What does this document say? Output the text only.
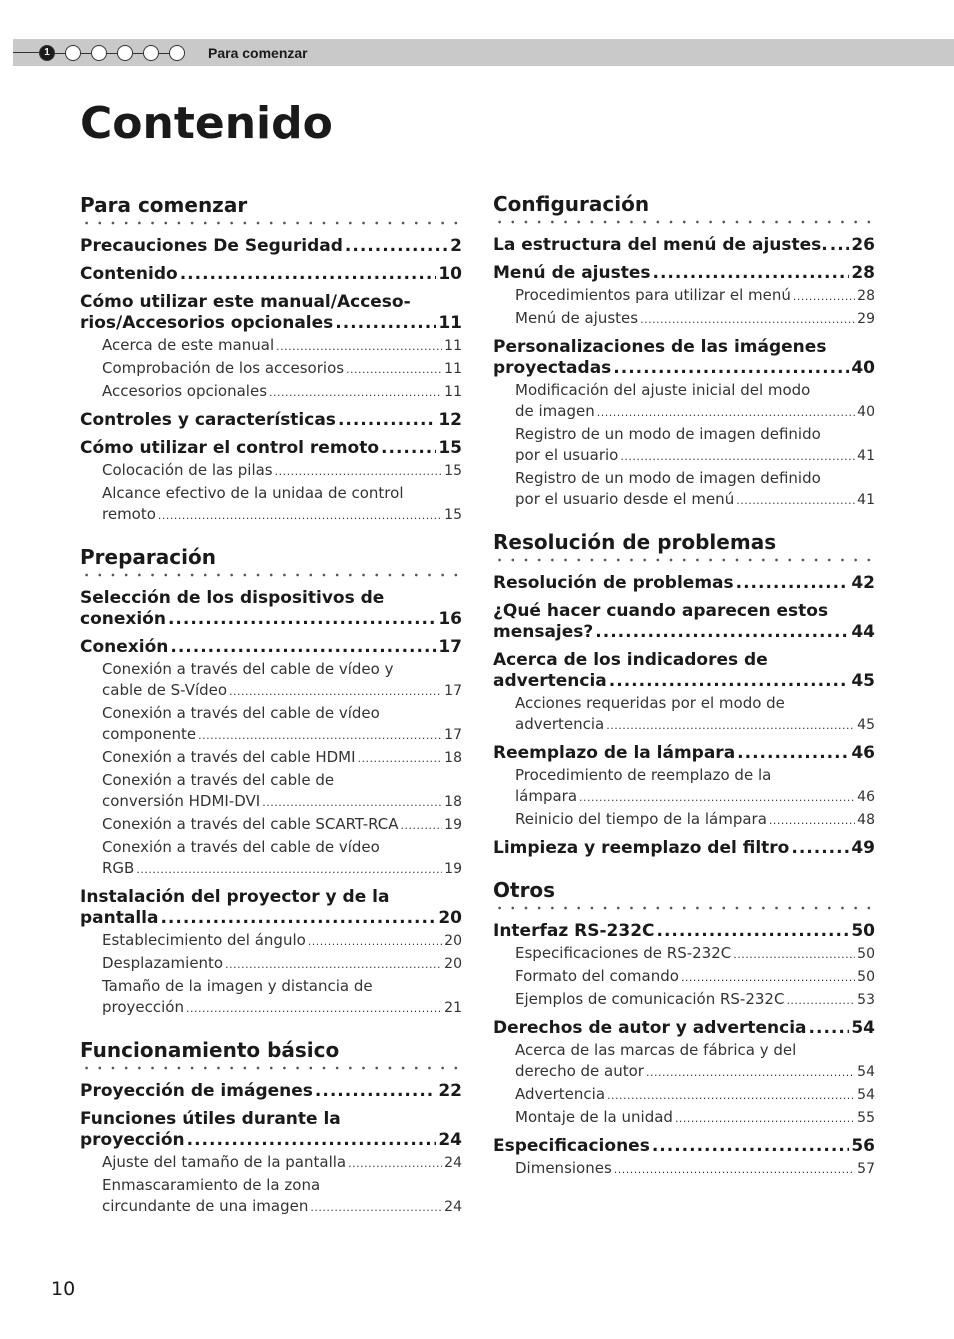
1	Para comenzar
Contenido
Para comenzar
Precauciones De Seguridad .....	2
Contenido .....	10
Cómo utilizar este manual/Acceso-
rios/Accesorios opcionales .....	11
Acerca de este manual .....	11
Comprobación de los accesorios .....	11
Accesorios opcionales .....	11
Controles y características .....	12
Cómo utilizar el control remoto .....	15
Colocación de las pilas .....	15
Alcance efectivo de la unidaa de control
remoto .....	15
Preparación
Selección de los dispositivos de
conexión .....	16
Conexión .....	17
Conexión a través del cable de vídeo y
cable de S-Vídeo .....	17
Conexión a través del cable de vídeo
componente .....	17
Conexión a través del cable HDMI .....	18
Conexión a través del cable de
conversión HDMI-DVI .....	18
Conexión a través del cable SCART-RCA .....	19
Conexión a través del cable de vídeo
RGB .....	19
Instalación del proyector y de la
pantalla .....	20
Establecimiento del ángulo .....	20
Desplazamiento .....	20
Tamaño de la imagen y distancia de
proyección .....	21
Funcionamiento básico
Proyección de imágenes .....	22
Funciones útiles durante la
proyección .....	24
Ajuste del tamaño de la pantalla .....	24
Enmascaramiento de la zona
circundante de una imagen .....	24
Configuración
La estructura del menú de ajustes. ..... 26
Menú de ajustes .....	28
Procedimientos para utilizar el menú .....	28
Menú de ajustes .....	29
Personalizaciones de las imágenes
proyectadas .....	40
Modificación del ajuste inicial del modo
de imagen .....	40
Registro de un modo de imagen definido
por el usuario .....	41
Registro de un modo de imagen definido
por el usuario desde el menú .....	41
Resolución de problemas
Resolución de problemas .....	42
¿Qué hacer cuando aparecen estos
mensajes? .....	44
Acerca de los indicadores de
advertencia .....	45
Acciones requeridas por el modo de
advertencia .....	45
Reemplazo de la lámpara .....	46
Procedimiento de reemplazo de la
lámpara .....	46
Reinicio del tiempo de la lámpara .....	48
Limpieza y reemplazo del filtro .....	49
Otros
Interfaz RS-232C .....	50
Especificaciones de RS-232C .....	50
Formato del comando .....	50
Ejemplos de comunicación RS-232C .....	53
Derechos de autor y advertencia .....	54
Acerca de las marcas de fábrica y del
derecho de autor .....	54
Advertencia .....	54
Montaje de la unidad .....	55
Especificaciones .....	56
Dimensiones .....	57
10
